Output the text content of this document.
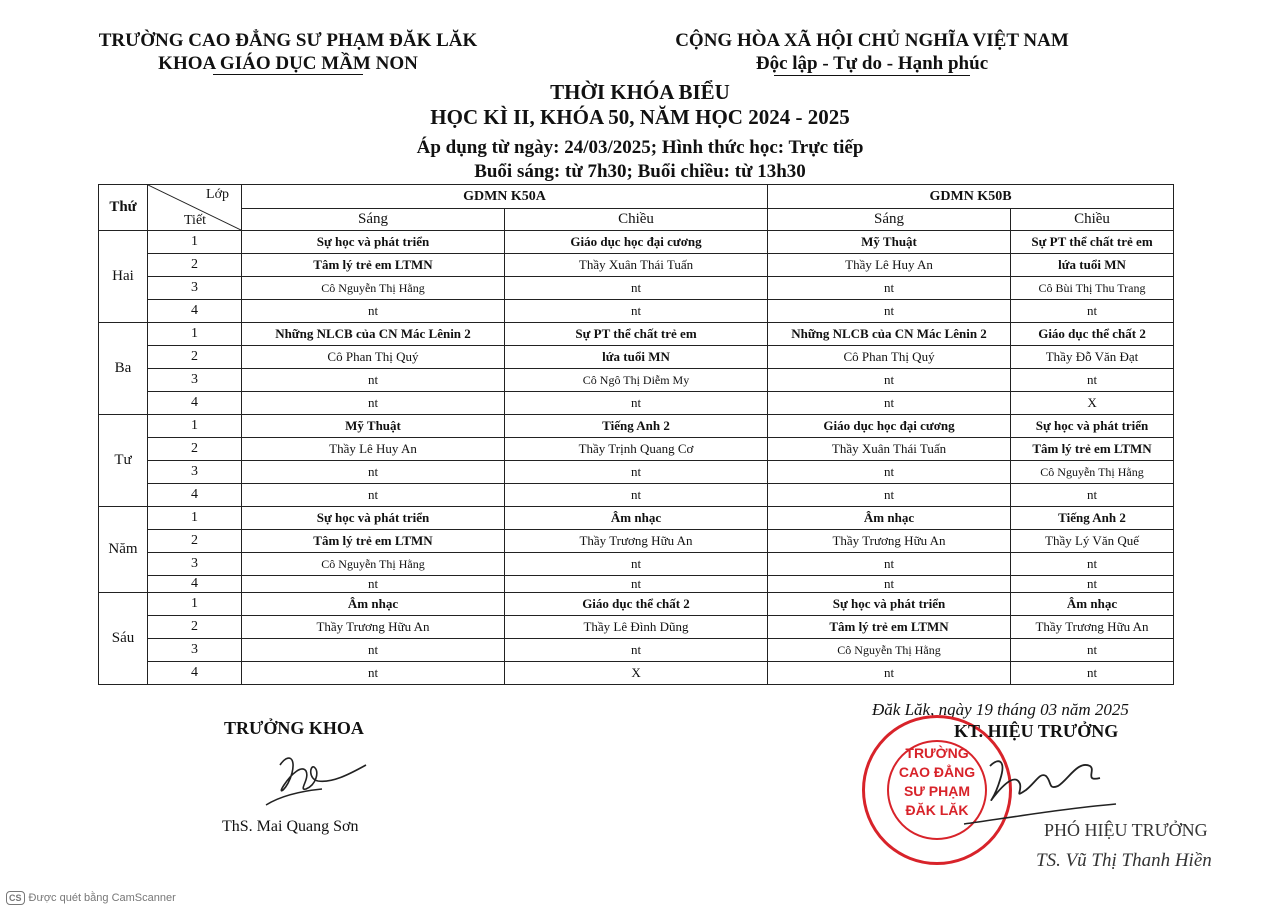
TRƯỜNG CAO ĐẲNG SƯ PHẠM ĐĂK LĂK
KHOA GIÁO DỤC MẦM NON
CỘNG HÒA XÃ HỘI CHỦ NGHĨA VIỆT NAM
Độc lập - Tự do - Hạnh phúc
THỜI KHÓA BIỂU
HỌC KÌ II, KHÓA 50, NĂM HỌC 2024 - 2025
Áp dụng từ ngày: 24/03/2025; Hình thức học: Trực tiếp
Buổi sáng: từ 7h30; Buổi chiều: từ 13h30
Thứ	Lớp
Tiết	GDMN K50A		GDMN K50B	
		Sáng	Chiều	Sáng	Chiều
Hai	1	Sự học và phát triển	Giáo dục học đại cương	Mỹ Thuật	Sự PT thể chất trẻ em
	2	Tâm lý trẻ em LTMN	Thầy Xuân Thái Tuấn	Thầy Lê Huy An	lứa tuổi MN
	3	Cô Nguyễn Thị Hằng	nt	nt	Cô Bùi Thị Thu Trang
	4	nt	nt	nt	nt
Ba	1	Những NLCB của CN Mác Lênin 2	Sự PT thể chất trẻ em	Những NLCB của CN Mác Lênin 2	Giáo dục thể chất 2
	2	Cô Phan Thị Quý	lứa tuổi MN	Cô Phan Thị Quý	Thầy Đỗ Văn Đạt
	3	nt	Cô Ngô Thị Diễm My	nt	nt
	4	nt	nt	nt	X
Tư	1	Mỹ Thuật	Tiếng Anh 2	Giáo dục học đại cương	Sự học và phát triển
	2	Thầy Lê Huy An	Thầy Trịnh Quang Cơ	Thầy Xuân Thái Tuấn	Tâm lý trẻ em LTMN
	3	nt	nt	nt	Cô Nguyễn Thị Hằng
	4	nt	nt	nt	nt
Năm	1	Sự học và phát triển	Âm nhạc	Âm nhạc	Tiếng Anh 2
	2	Tâm lý trẻ em LTMN	Thầy Trương Hữu An	Thầy Trương Hữu An	Thầy Lý Văn Quế
	3	Cô Nguyễn Thị Hằng	nt	nt	nt
	4	nt	nt	nt	nt
Sáu	1	Âm nhạc	Giáo dục thể chất 2	Sự học và phát triển	Âm nhạc
	2	Thầy Trương Hữu An	Thầy Lê Đình Dũng	Tâm lý trẻ em LTMN	Thầy Trương Hữu An
	3	nt	nt	Cô Nguyễn Thị Hằng	nt
	4	nt	X	nt	nt
Đăk Lăk, ngày 19 tháng 03 năm 2025
TRƯỞNG KHOA
ThS. Mai Quang Sơn
TRƯỜNG
CAO ĐẲNG
SƯ PHẠM
ĐĂK LĂK
KT. HIỆU TRƯỞNG
PHÓ HIỆU TRƯỞNG
TS. Vũ Thị Thanh Hiền
CS Được quét bằng CamScanner
